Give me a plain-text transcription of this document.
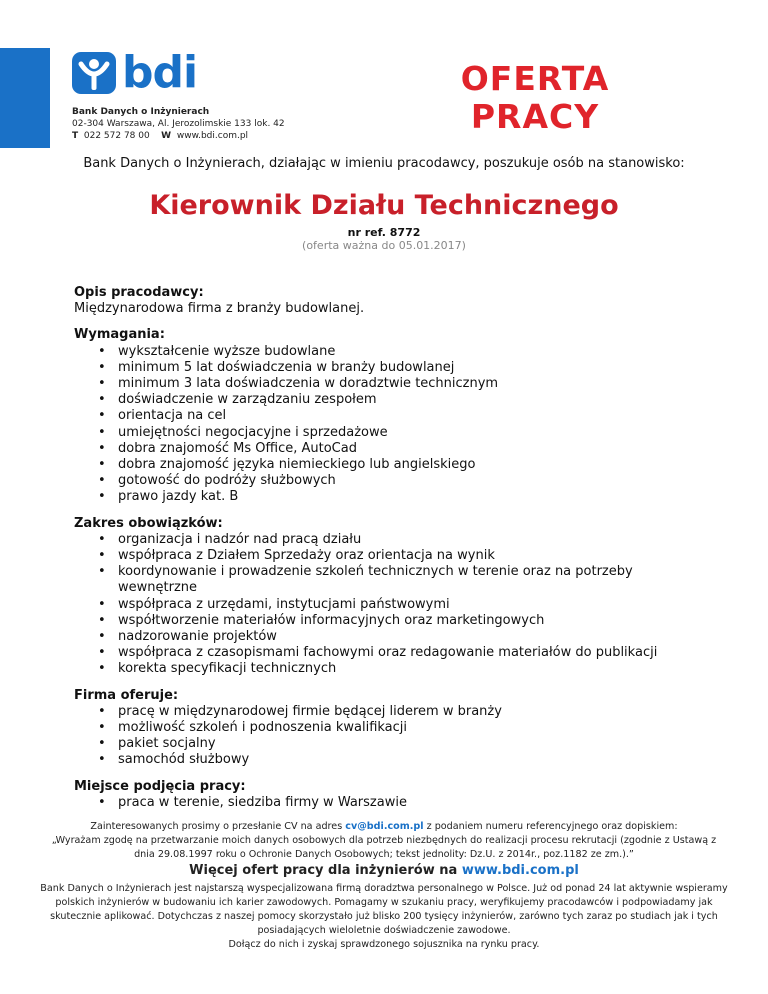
bdi
Bank Danych o Inżynierach
02-304 Warszawa, Al. Jerozolimskie 133 lok. 42
T 022 572 78 00 W www.bdi.com.pl
OFERTA
PRACY
Bank Danych o Inżynierach, działając w imieniu pracodawcy, poszukuje osób na stanowisko:
Kierownik Działu Technicznego
nr ref. 8772
(oferta ważna do 05.01.2017)
Opis pracodawcy:

Międzynarodowa firma z branży budowlanej.

Wymagania:
• wykształcenie wyższe budowlane
• minimum 5 lat doświadczenia w branży budowlanej
• minimum 3 lata doświadczenia w doradztwie technicznym
• doświadczenie w zarządzaniu zespołem
• orientacja na cel
• umiejętności negocjacyjne i sprzedażowe
• dobra znajomość Ms Office, AutoCad
• dobra znajomość języka niemieckiego lub angielskiego
• gotowość do podróży służbowych
• prawo jazdy kat. B
Zakres obowiązków:
• organizacja i nadzór nad pracą działu
• współpraca z Działem Sprzedaży oraz orientacja na wynik
• koordynowanie i prowadzenie szkoleń technicznych w terenie oraz na potrzeby wewnętrzne
• współpraca z urzędami, instytucjami państwowymi
• współtworzenie materiałów informacyjnych oraz marketingowych
• nadzorowanie projektów
• współpraca z czasopismami fachowymi oraz redagowanie materiałów do publikacji
• korekta specyfikacji technicznych
Firma oferuje:
• pracę w międzynarodowej firmie będącej liderem w branży
• możliwość szkoleń i podnoszenia kwalifikacji
• pakiet socjalny
• samochód służbowy
Miejsce podjęcia pracy:
• praca w terenie, siedziba firmy w Warszawie
Zainteresowanych prosimy o przesłanie CV na adres cv@bdi.com.pl z podaniem numeru referencyjnego oraz dopiskiem:
„Wyrażam zgodę na przetwarzanie moich danych osobowych dla potrzeb niezbędnych do realizacji procesu rekrutacji (zgodnie z Ustawą z dnia 29.08.1997 roku o Ochronie Danych Osobowych; tekst jednolity: Dz.U. z 2014r., poz.1182 ze zm.).”
Więcej ofert pracy dla inżynierów na www.bdi.com.pl
Bank Danych o Inżynierach jest najstarszą wyspecjalizowana firmą doradztwa personalnego w Polsce. Już od ponad 24 lat aktywnie wspieramy polskich inżynierów w budowaniu ich karier zawodowych. Pomagamy w szukaniu pracy, weryfikujemy pracodawców i podpowiadamy jak skutecznie aplikować. Dotychczas z naszej pomocy skorzystało już blisko 200 tysięcy inżynierów, zarówno tych zaraz po studiach jak i tych posiadających wieloletnie doświadczenie zawodowe.
Dołącz do nich i zyskaj sprawdzonego sojusznika na rynku pracy.
